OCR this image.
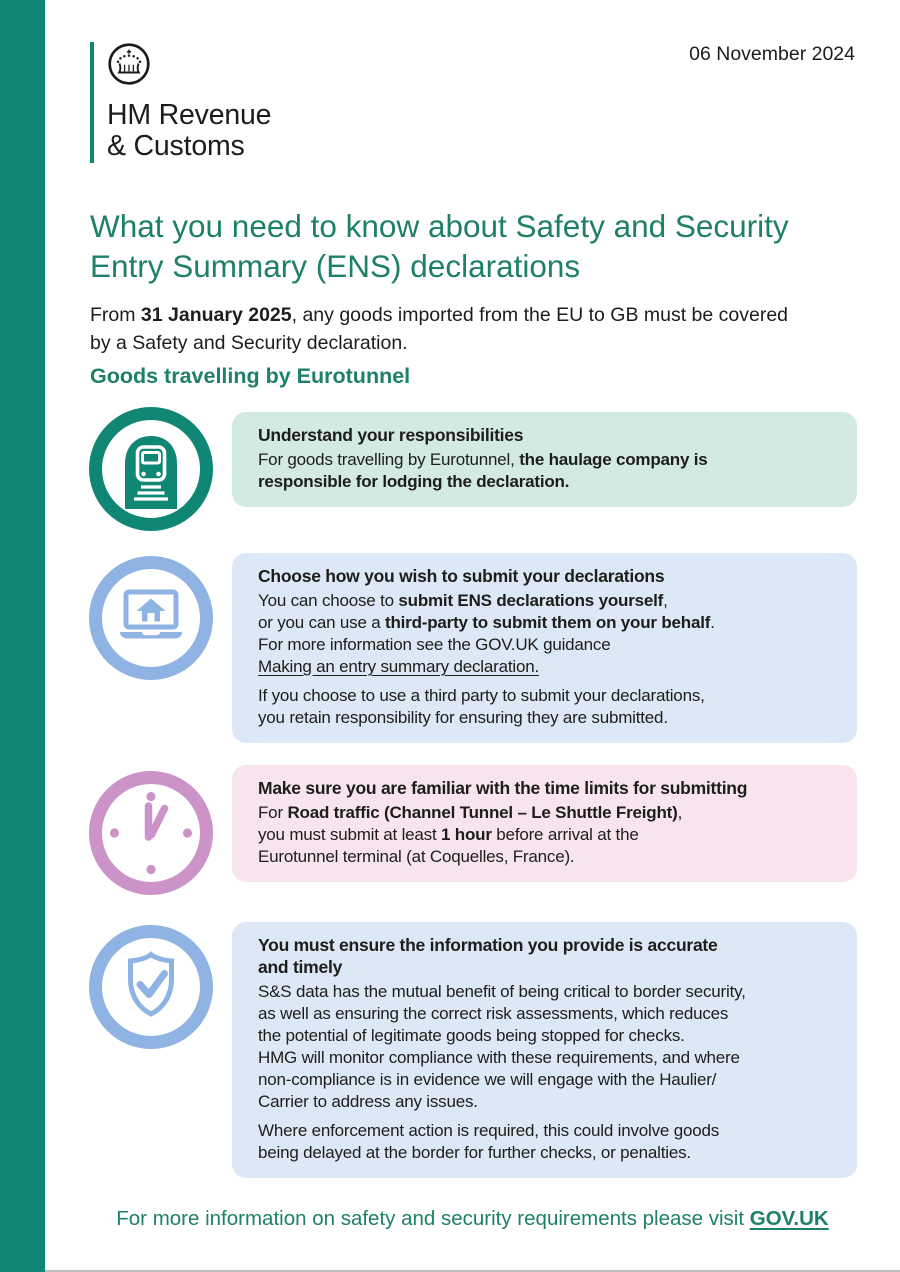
06 November 2024
HM Revenue
& Customs
What you need to know about Safety and Security
Entry Summary (ENS) declarations

From 31 January 2025, any goods imported from the EU to GB must be covered
by a Safety and Security declaration.

Goods travelling by Eurotunnel

Understand your responsibilities

For goods travelling by Eurotunnel, the haulage company is
responsible for lodging the declaration.

Choose how you wish to submit your declarations

You can choose to submit ENS declarations yourself,
or you can use a third-party to submit them on your behalf.
For more information see the GOV.UK guidance
Making an entry summary declaration.

If you choose to use a third party to submit your declarations,
you retain responsibility for ensuring they are submitted.

Make sure you are familiar with the time limits for submitting

For Road traffic (Channel Tunnel – Le Shuttle Freight),
you must submit at least 1 hour before arrival at the
Eurotunnel terminal (at Coquelles, France).

You must ensure the information you provide is accurate
and timely

S&S data has the mutual benefit of being critical to border security,
as well as ensuring the correct risk assessments, which reduces
the potential of legitimate goods being stopped for checks.
HMG will monitor compliance with these requirements, and where
non-compliance is in evidence we will engage with the Haulier/
Carrier to address any issues.

Where enforcement action is required, this could involve goods
being delayed at the border for further checks, or penalties.

For more information on safety and security requirements please visit GOV.UK
